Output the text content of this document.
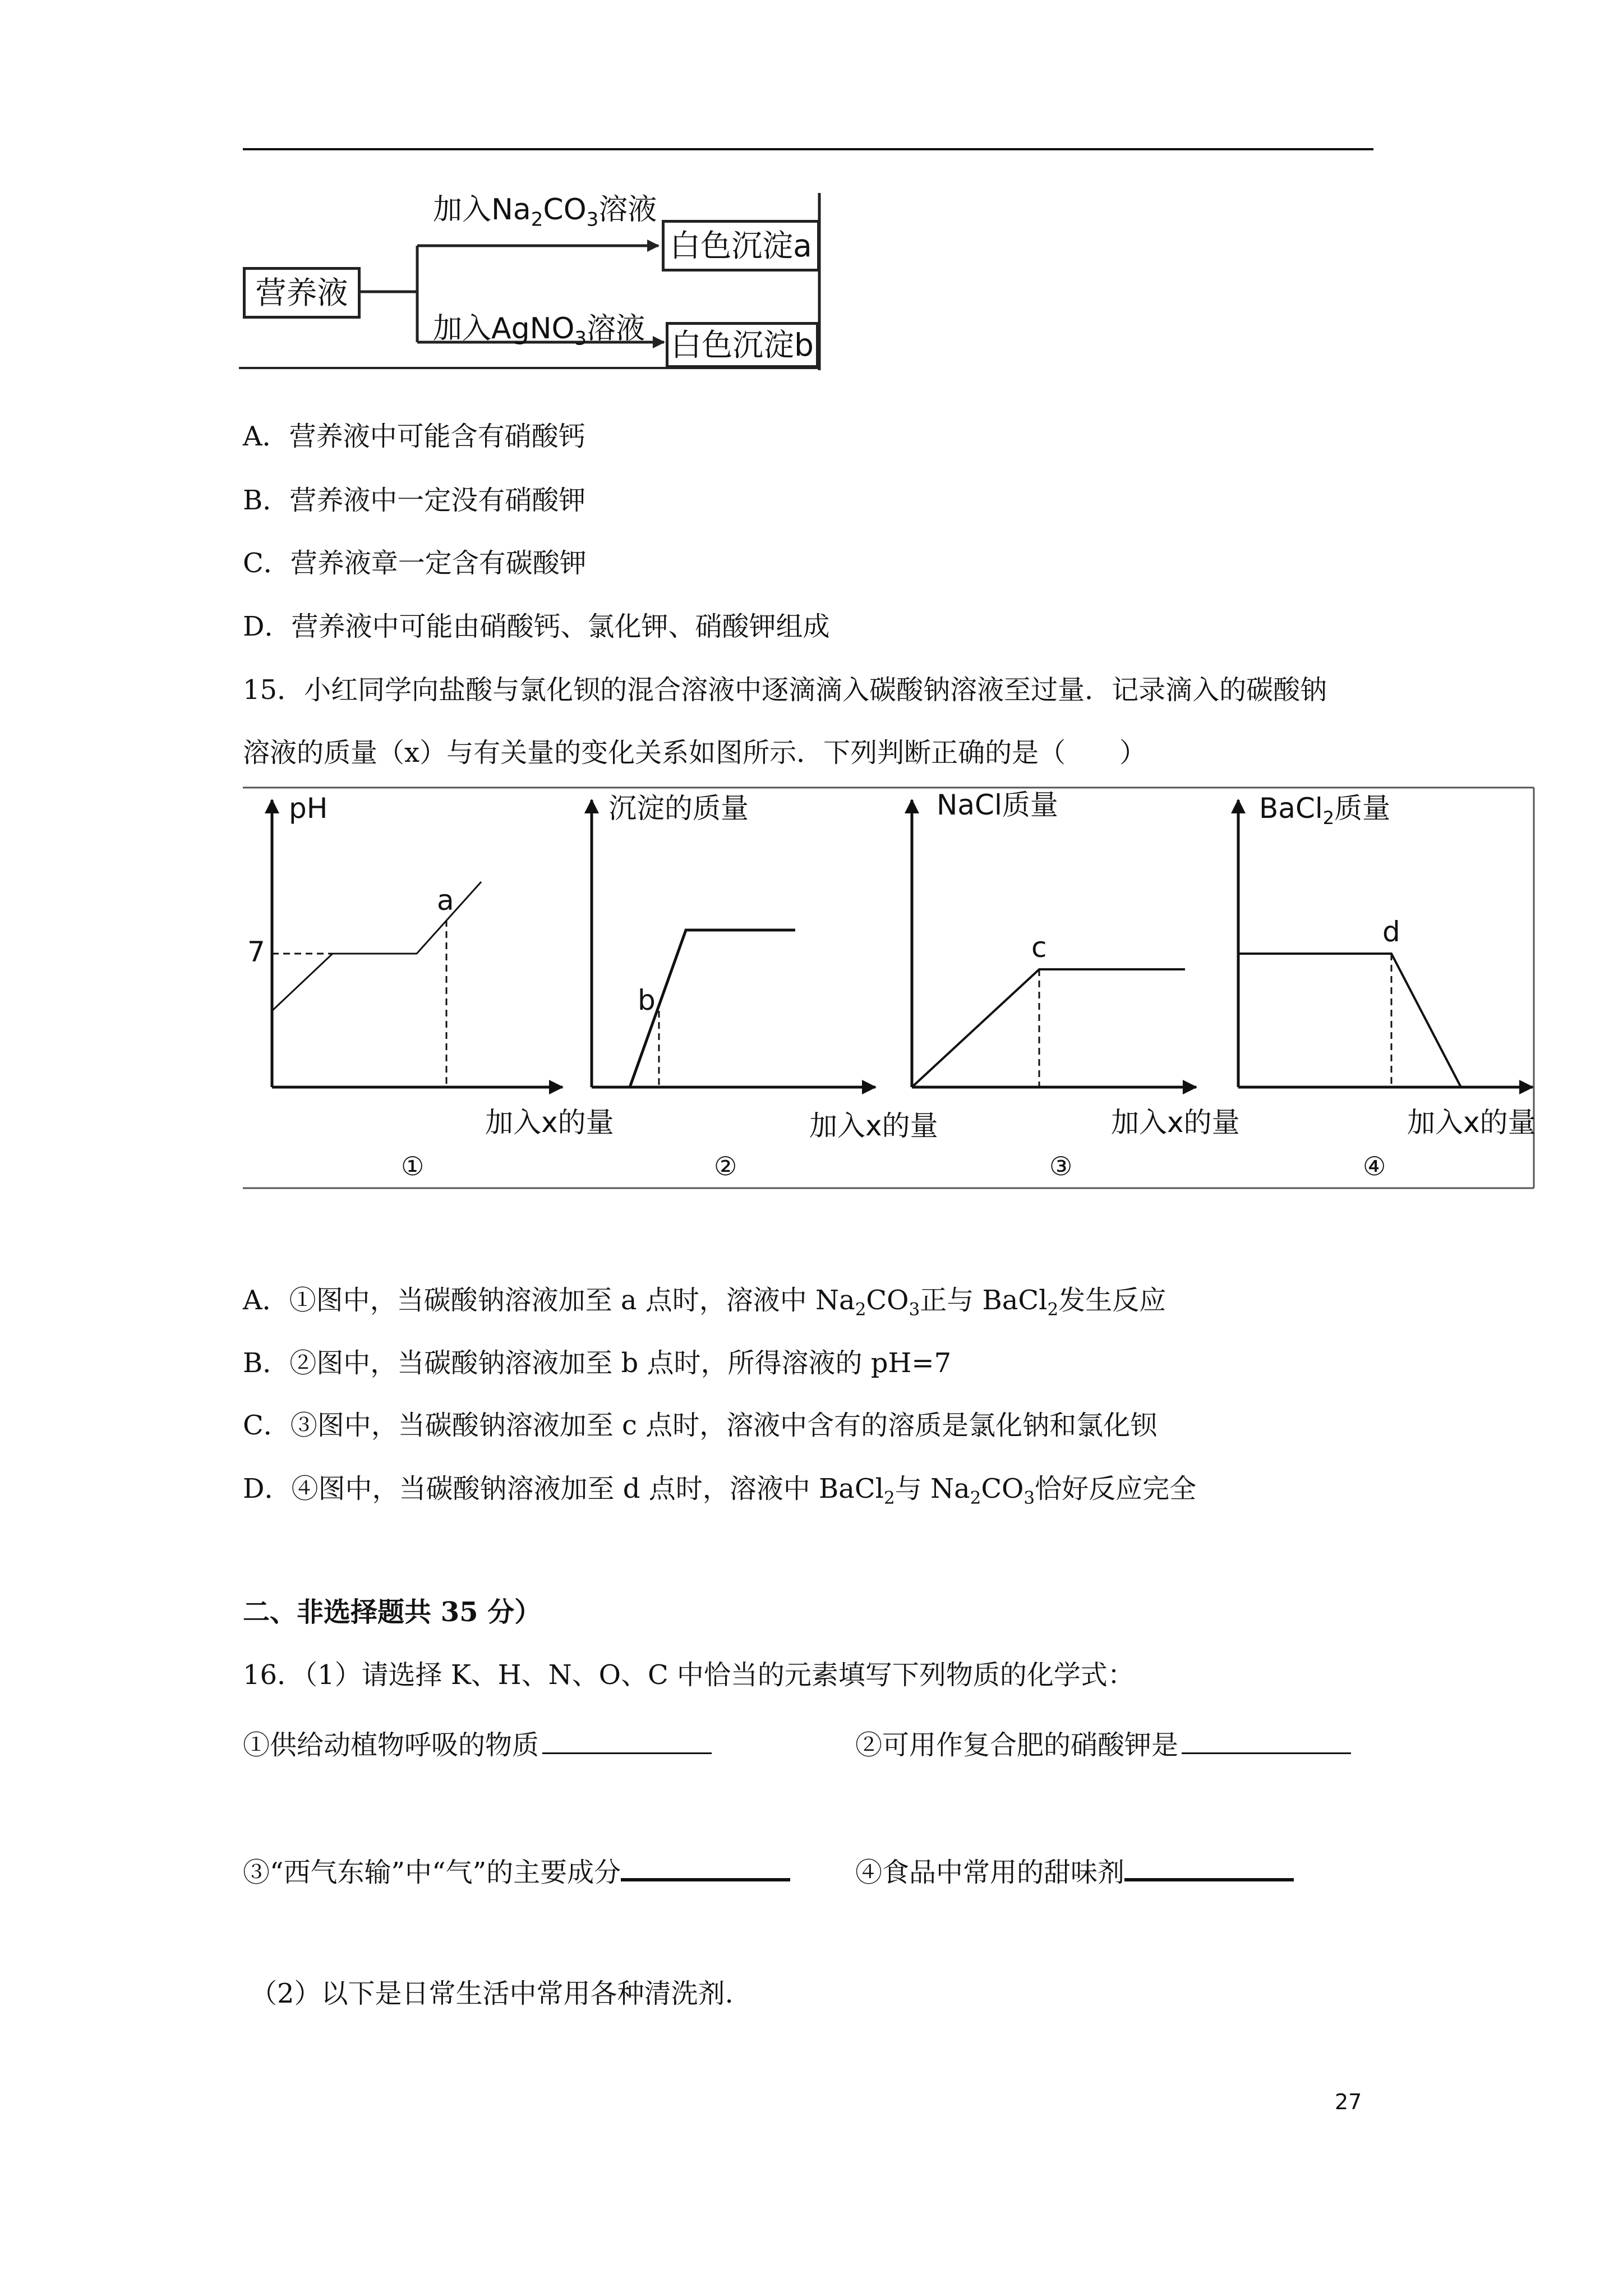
营养液
白色沉淀a
白色沉淀b
加入$Na_2CO_3$溶液
加入AgNO$_3$溶液
A．营养液中可能含有硝酸钙
B．营养液中一定没有硝酸钾
C．营养液章一定含有碳酸钾
D．营养液中可能由硝酸钙、氯化钾、硝酸钾组成
15．小红同学向盐酸与氯化钡的混合溶液中逐滴滴入碳酸钠溶液至过量．记录滴入的碳酸钠
溶液的质量（x）与有关量的变化关系如图所示．下列判断正确的是（　　）
pH
7
a
加入x的量
①
沉淀的质量
b
加入x的量
②
NaCl质量
c
加入x的量
③
BaCl$_2$质量
d
加入x的量
④
A．①图中，当碳酸钠溶液加至 a 点时，溶液中 $Na_2CO_3$正与 BaCl$_2$发生反应
B．②图中，当碳酸钠溶液加至 b 点时，所得溶液的 pH=7
C．③图中，当碳酸钠溶液加至 c 点时，溶液中含有的溶质是氯化钠和氯化钡
D．④图中，当碳酸钠溶液加至 d 点时，溶液中 BaCl$_2$与 $Na_2CO_3$恰好反应完全
二、非选择题共 35 分）
16．（1）请选择 K、H、N、O、C 中恰当的元素填写下列物质的化学式：
①供给动植物呼吸的物质	②可用作复合肥的硝酸钾是
③“西气东输”中“气”的主要成分	④食品中常用的甜味剂
（2）以下是日常生活中常用各种清洗剂.
27
